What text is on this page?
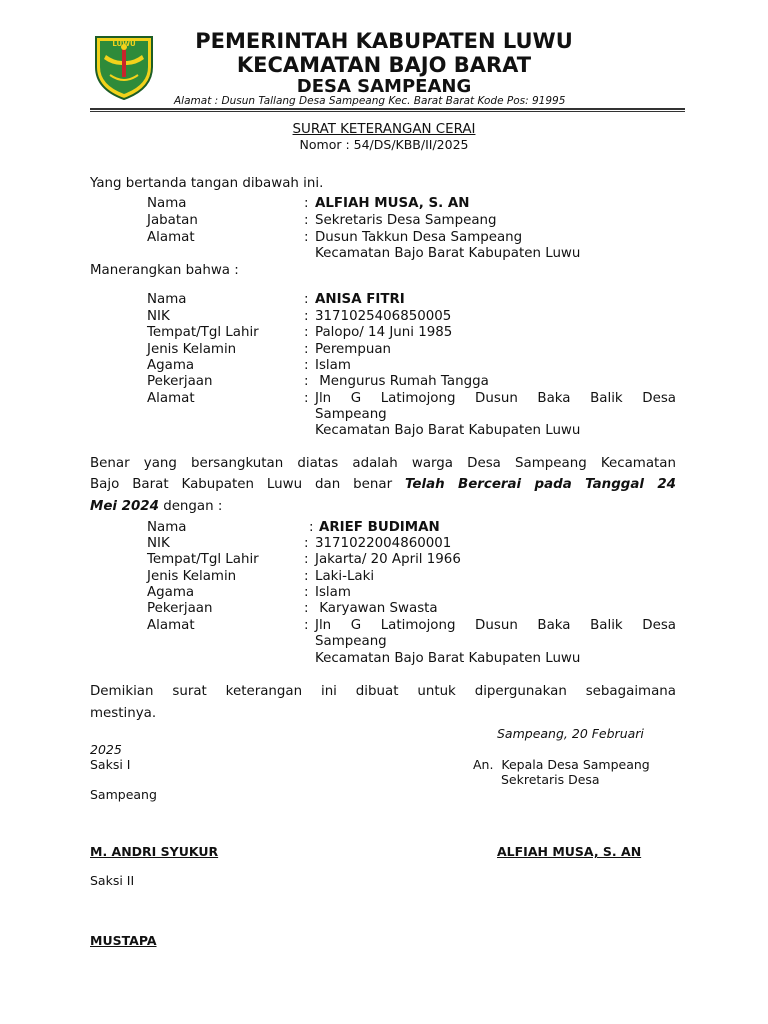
LUWU	PEMERINTAH KABUPATEN LUWU
KECAMATAN BAJO BARAT
DESA SAMPEANG
Alamat : Dusun Tallang Desa Sampeang Kec. Barat Barat Kode Pos: 91995
SURAT KETERANGAN CERAI
Nomor : 54/DS/KBB/II/2025
Yang bertanda tangan dibawah ini.
Nama	: ALFIAH MUSA, S. AN
Jabatan	: Sekretaris Desa Sampeang
Alamat	: Dusun Takkun Desa Sampeang
Kecamatan Bajo Barat Kabupaten Luwu
Manerangkan bahwa :
Nama	: ANISA FITRI
NIK	: 3171025406850005
Tempat/Tgl Lahir	: Palopo/ 14 Juni 1985
Jenis Kelamin	: Perempuan
Agama	: Islam
Pekerjaan	: Mengurus Rumah Tangga
Alamat	: Jln G Latimojong Dusun Baka Balik Desa
Sampeang
Kecamatan Bajo Barat Kabupaten Luwu
Benar yang bersangkutan diatas adalah warga Desa Sampeang Kecamatan
Bajo Barat Kabupaten Luwu dan benar Telah Bercerai pada Tanggal 24
Mei 2024 dengan :
Nama	: ARIEF BUDIMAN
NIK	: 3171022004860001
Tempat/Tgl Lahir	: Jakarta/ 20 April 1966
Jenis Kelamin	: Laki-Laki
Agama	: Islam
Pekerjaan	: Karyawan Swasta
Alamat	: Jln G Latimojong Dusun Baka Balik Desa
Sampeang
Kecamatan Bajo Barat Kabupaten Luwu
Demikian surat keterangan ini dibuat untuk dipergunakan sebagaimana
mestinya.
Sampeang, 20 Februari
2025
Saksi I	An.  Kepala Desa Sampeang
Sekretaris Desa
Sampeang
M. ANDRI SYUKUR	ALFIAH MUSA, S. AN
Saksi II
MUSTAPA
